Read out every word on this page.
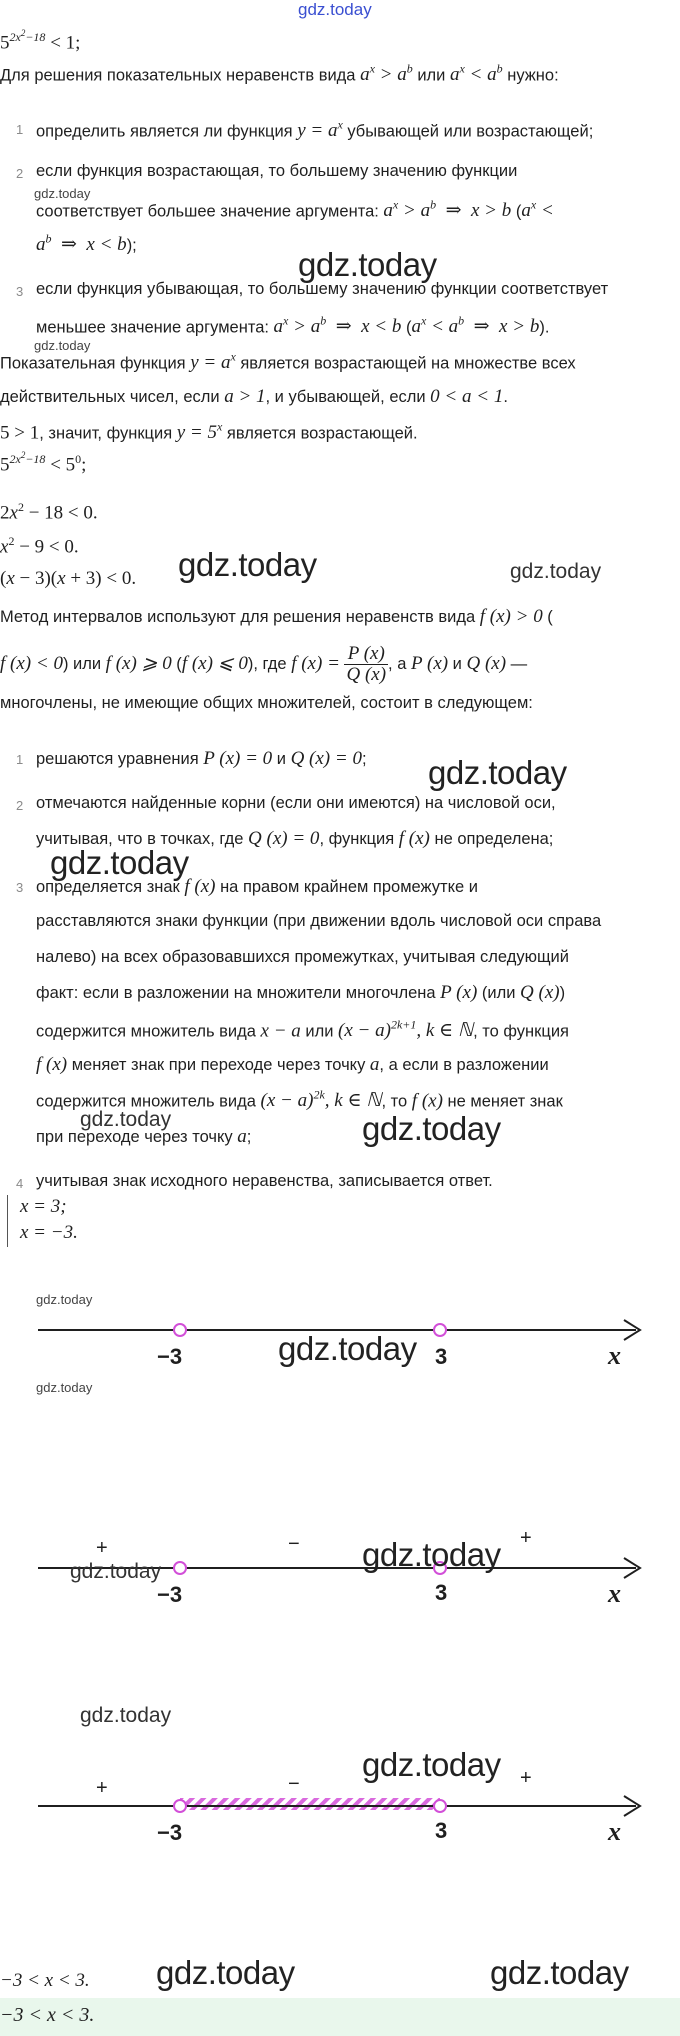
gdz.today
$5^{2x^2-18} < 1$;
Для решения показательных неравенств вида $a^x > a^b$ или $a^x < a^b$ нужно:
1 определить является ли функция $y = a^x$ убывающей или возрастающей;
2 если функция возрастающая, то большему значению функции
соответствует большее значение аргумента: $a^x > a^b$  ⇒  x > b ($a^x$ <
$a^b$  ⇒  x < b);
3 если функция убывающая, то большему значению функции соответствует
меньшее значение аргумента: $a^x > a^b$  ⇒  x < b ($a^x < a^b$  ⇒  x > b).
Показательная функция $y = a^x$ является возрастающей на множестве всех
действительных чисел, если a > 1, и убывающей, если 0 < a < 1.
5 > 1, значит, функция $y = 5^x$ является возрастающей.
$5^{2x^2-18} < 5^0$;
$2x^2 - 18 < 0$.
$x^2 - 9 < 0$.
(x − 3)(x + 3) < 0.
Метод интервалов используют для решения неравенств вида f (x) > 0 (
f (x) < 0) или f (x) ⩾ 0 (f (x) ⩽ 0), где f $(x) = \frac{P (x)}{Q (x)}$ , а P (x) и Q (x) —
многочлены, не имеющие общих множителей, состоит в следующем:
1 решаются уравнения P (x) = 0 и Q (x) = 0;
2 отмечаются найденные корни (если они имеются) на числовой оси,
учитывая, что в точках, где Q (x) = 0, функция f (x) не определена;
3 определяется знак f (x) на правом крайнем промежутке и
расставляются знаки функции (при движении вдоль числовой оси справа
налево) на всех образовавшихся промежутках, учитывая следующий
факт: если в разложении на множители многочлена P (x) (или Q (x))
содержится множитель вида x − a или $(x - a)^{2k+1}$, k ∈ ℕ, то функция
f (x) меняет знак при переходе через точку a, а если в разложении
содержится множитель вида $(x - a)^{2k}$, k ∈ ℕ, то f (x) не меняет знак
при переходе через точку a;
4 учитывая знак исходного неравенства, записывается ответ.
x = 3;
x = −3.
−3	3	x
+	−	+
−3	3	x
+	−	+
−3	3	x
−3 < x < 3.
−3 < x < 3.
gdz.today
gdz.today
gdz.today
gdz.today	gdz.today
gdz.today
gdz.today
gdz.today	gdz.today
gdz.today
gdz.today
gdz.today
gdz.today
gdz.today
gdz.today
gdz.today
gdz.today	gdz.today
